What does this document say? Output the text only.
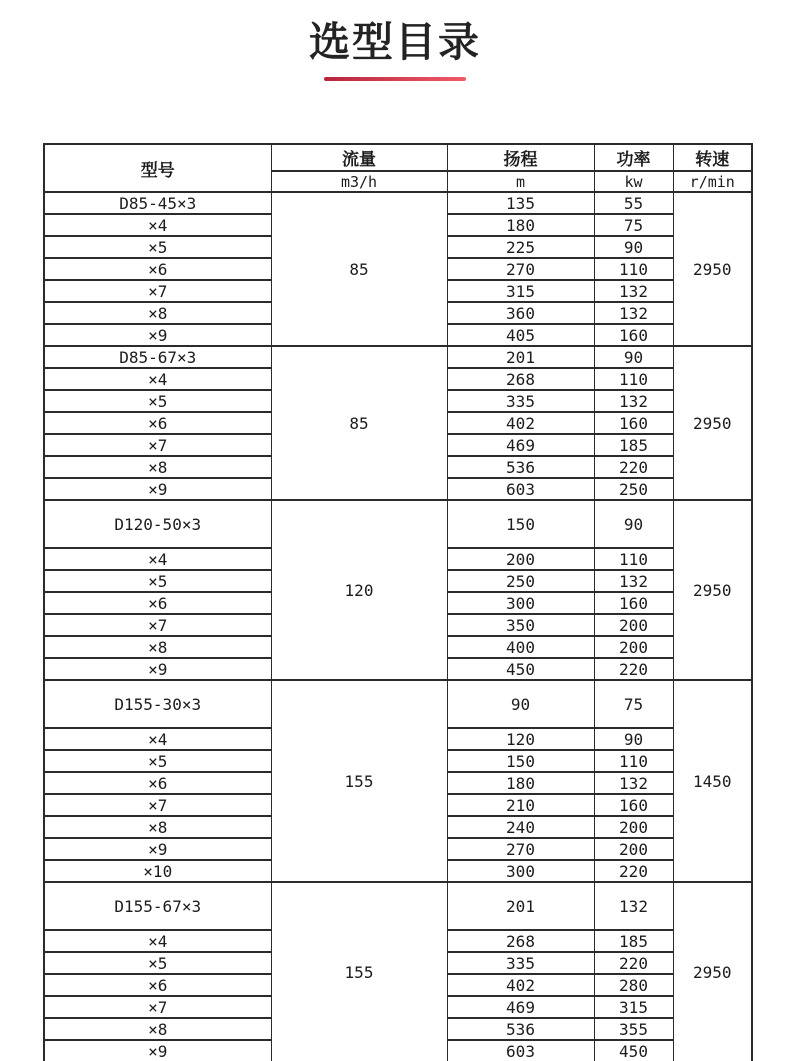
选型目录
型号	流量	扬程	功率	转速
	m3/h	m	kw	r/min
D85-45×3	85	135	55	2950
×4		180	75	
×5		225	90	
×6		270	110	
×7		315	132	
×8		360	132	
×9		405	160	
D85-67×3	85	201	90	2950
×4		268	110	
×5		335	132	
×6		402	160	
×7		469	185	
×8		536	220	
×9		603	250	
D120-50×3	120	150	90	2950
×4		200	110	
×5		250	132	
×6		300	160	
×7		350	200	
×8		400	200	
×9		450	220	
D155-30×3	155	90	75	1450
×4		120	90	
×5		150	110	
×6		180	132	
×7		210	160	
×8		240	200	
×9		270	200	
×10		300	220	
D155-67×3	155	201	132	2950
×4		268	185	
×5		335	220	
×6		402	280	
×7		469	315	
×8		536	355	
×9		603	450	
